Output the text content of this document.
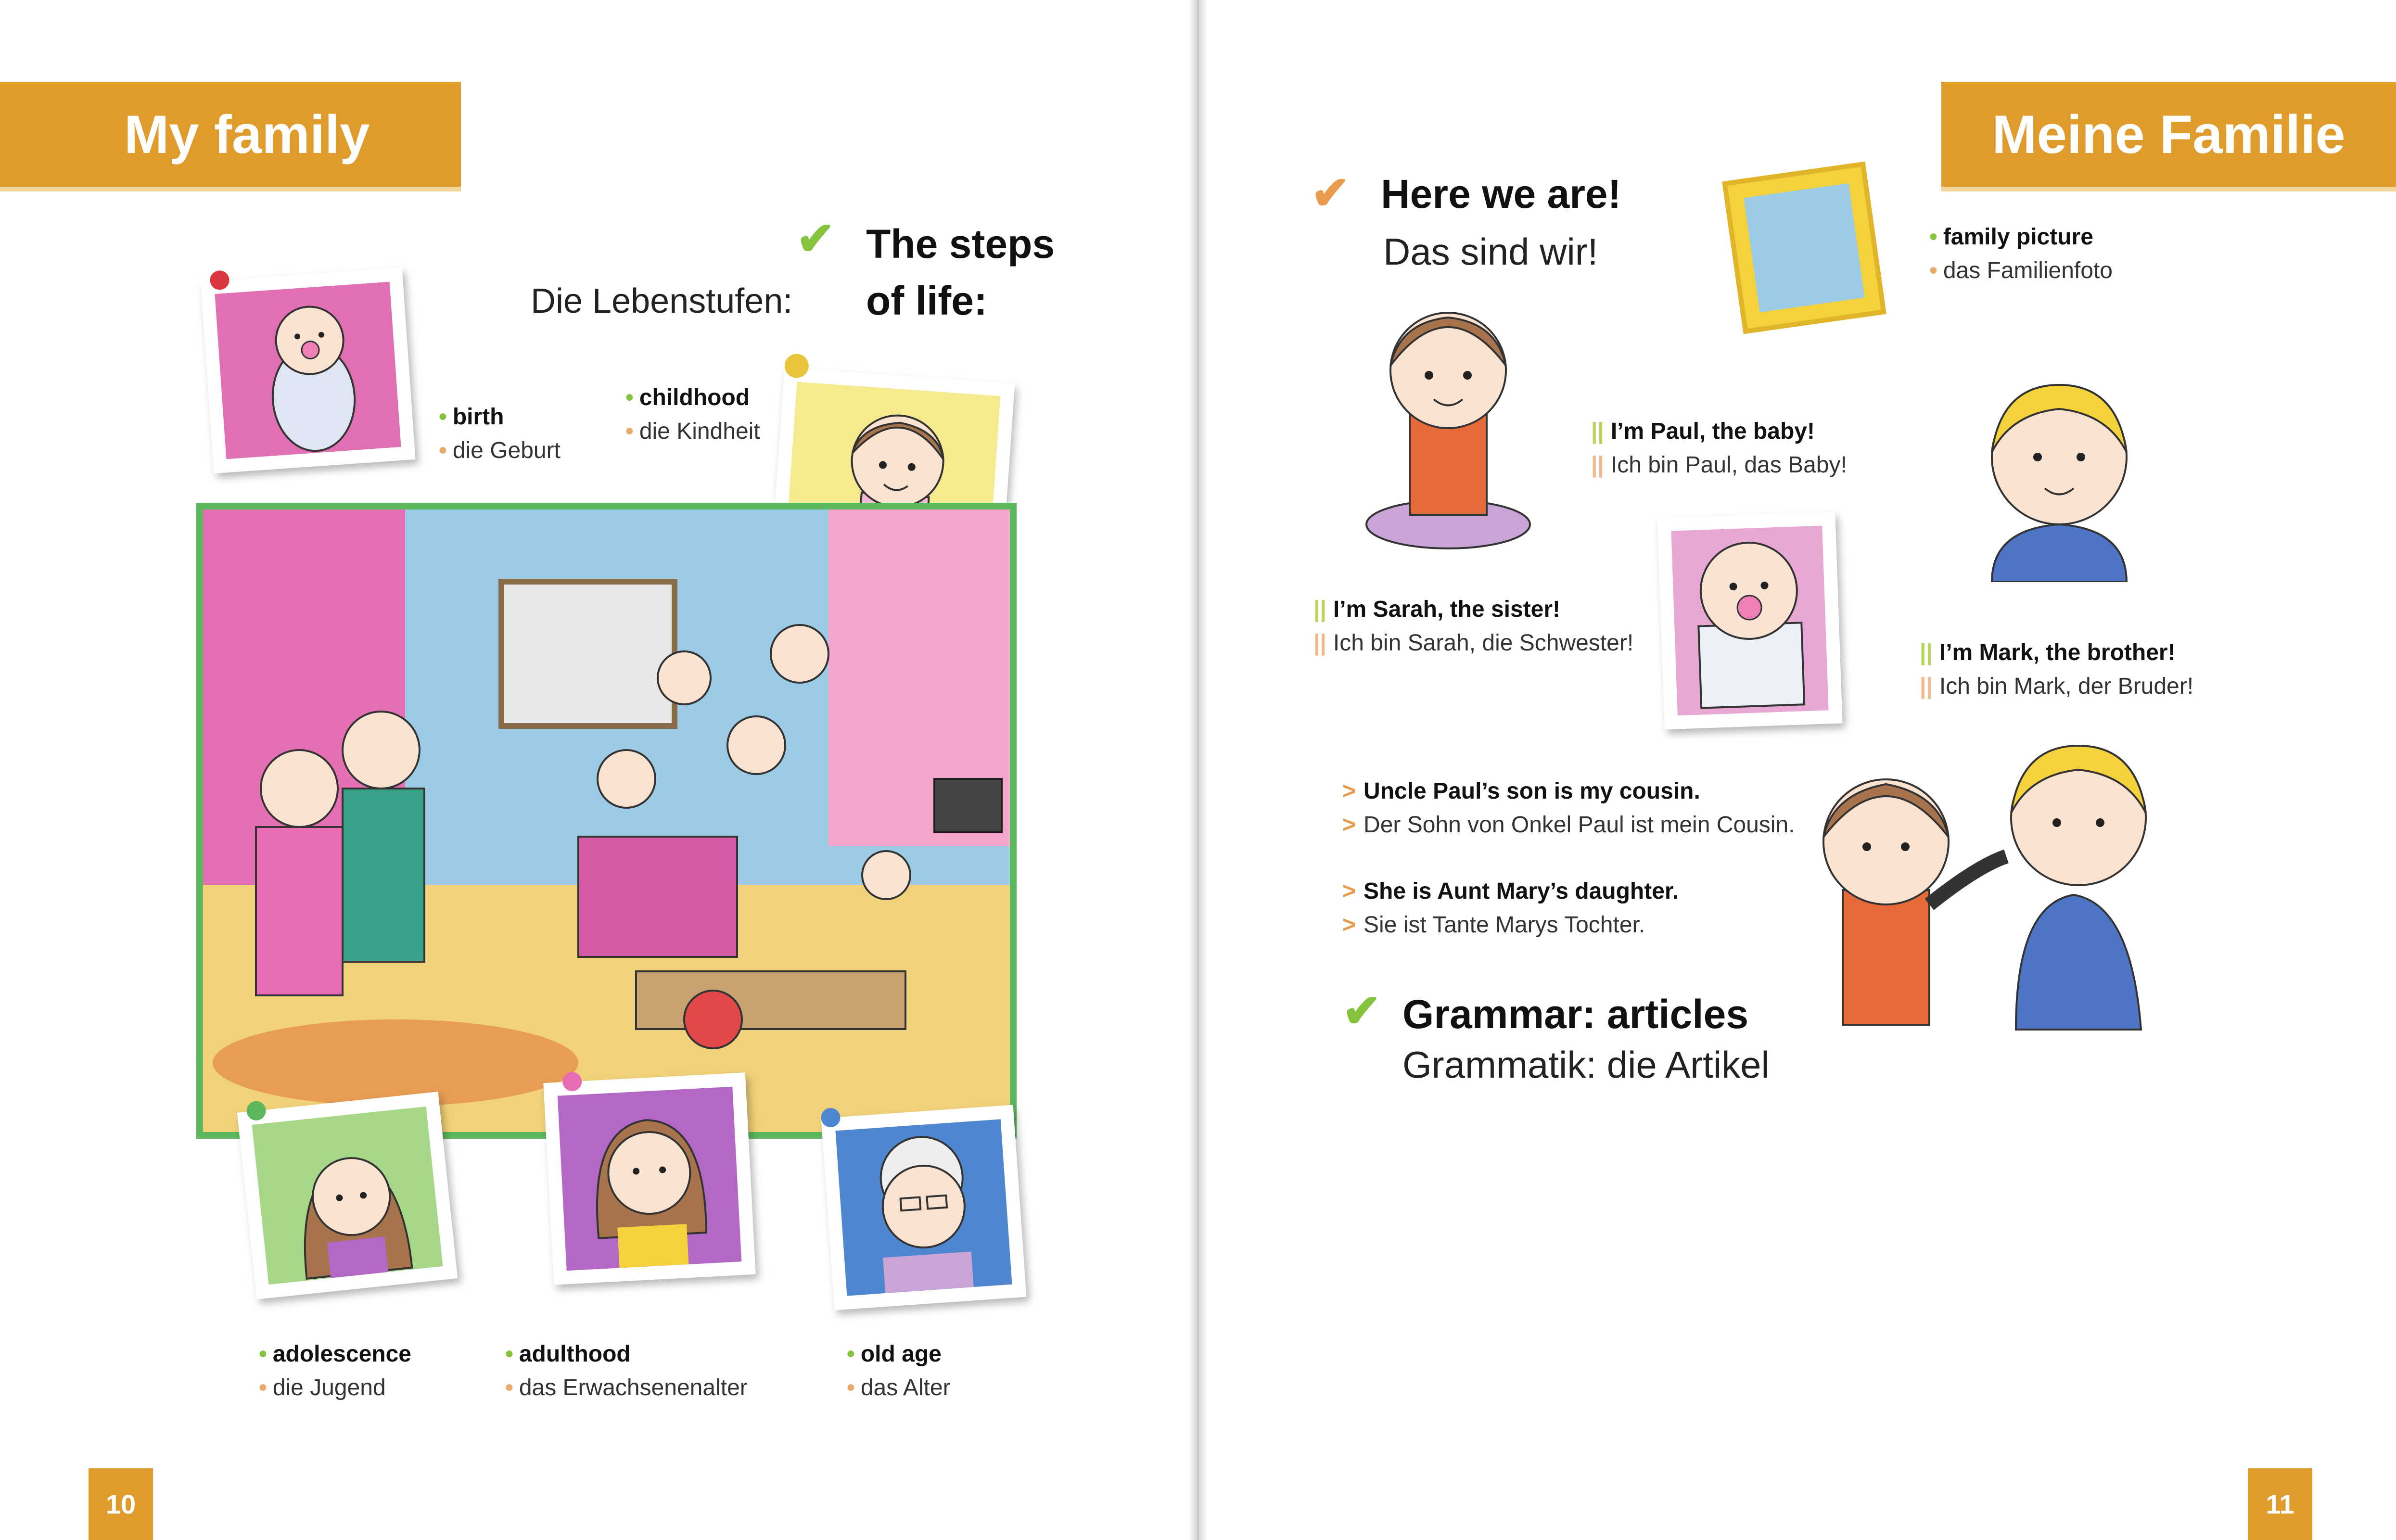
My family
✔ The steps
of life:
Die Lebenstufen:
• birth
• die Geburt
• childhood
• die Kindheit
• adolescence
• die Jugend
• adulthood
• das Erwachsenenalter
• old age
• das Alter
10
Meine Familie
✔ Here we are!
Das sind wir!	• family picture
• das Familienfoto
|| I’m Paul, the baby!
|| Ich bin Paul, das Baby!
|| I’m Sarah, the sister!
|| Ich bin Sarah, die Schwester!	|| I’m Mark, the brother!
|| Ich bin Mark, der Bruder!
> Uncle Paul’s son is my cousin.
> Der Sohn von Onkel Paul ist mein Cousin.
> She is Aunt Mary’s daughter.
> Sie ist Tante Marys Tochter.
✔ Grammar: articles
Grammatik: die Artikel

11
